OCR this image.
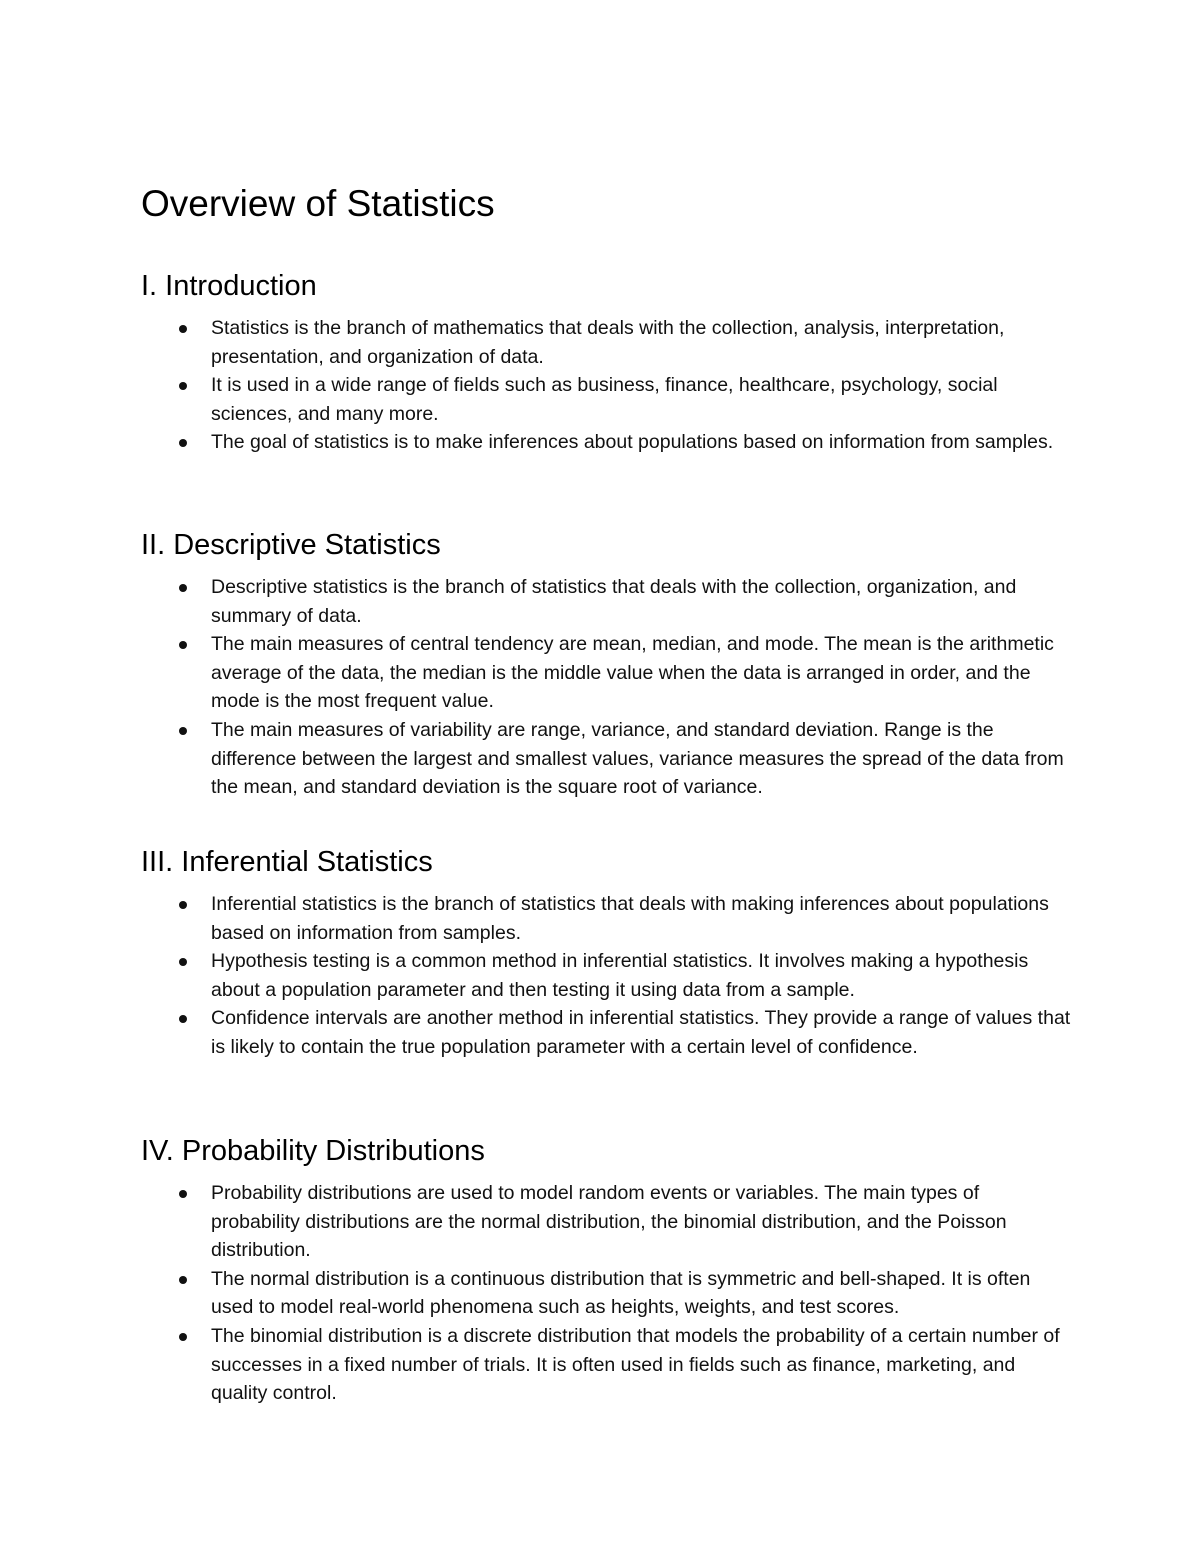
Overview of Statistics
I. Introduction
Statistics is the branch of mathematics that deals with the collection, analysis, interpretation, presentation, and organization of data.
It is used in a wide range of fields such as business, finance, healthcare, psychology, social sciences, and many more.
The goal of statistics is to make inferences about populations based on information from samples.
II. Descriptive Statistics
Descriptive statistics is the branch of statistics that deals with the collection, organization, and summary of data.
The main measures of central tendency are mean, median, and mode. The mean is the arithmetic average of the data, the median is the middle value when the data is arranged in order, and the mode is the most frequent value.
The main measures of variability are range, variance, and standard deviation. Range is the difference between the largest and smallest values, variance measures the spread of the data from the mean, and standard deviation is the square root of variance.
III. Inferential Statistics
Inferential statistics is the branch of statistics that deals with making inferences about populations based on information from samples.
Hypothesis testing is a common method in inferential statistics. It involves making a hypothesis about a population parameter and then testing it using data from a sample.
Confidence intervals are another method in inferential statistics. They provide a range of values that is likely to contain the true population parameter with a certain level of confidence.
IV. Probability Distributions
Probability distributions are used to model random events or variables. The main types of probability distributions are the normal distribution, the binomial distribution, and the Poisson distribution.
The normal distribution is a continuous distribution that is symmetric and bell-shaped. It is often used to model real-world phenomena such as heights, weights, and test scores.
The binomial distribution is a discrete distribution that models the probability of a certain number of successes in a fixed number of trials. It is often used in fields such as finance, marketing, and quality control.
